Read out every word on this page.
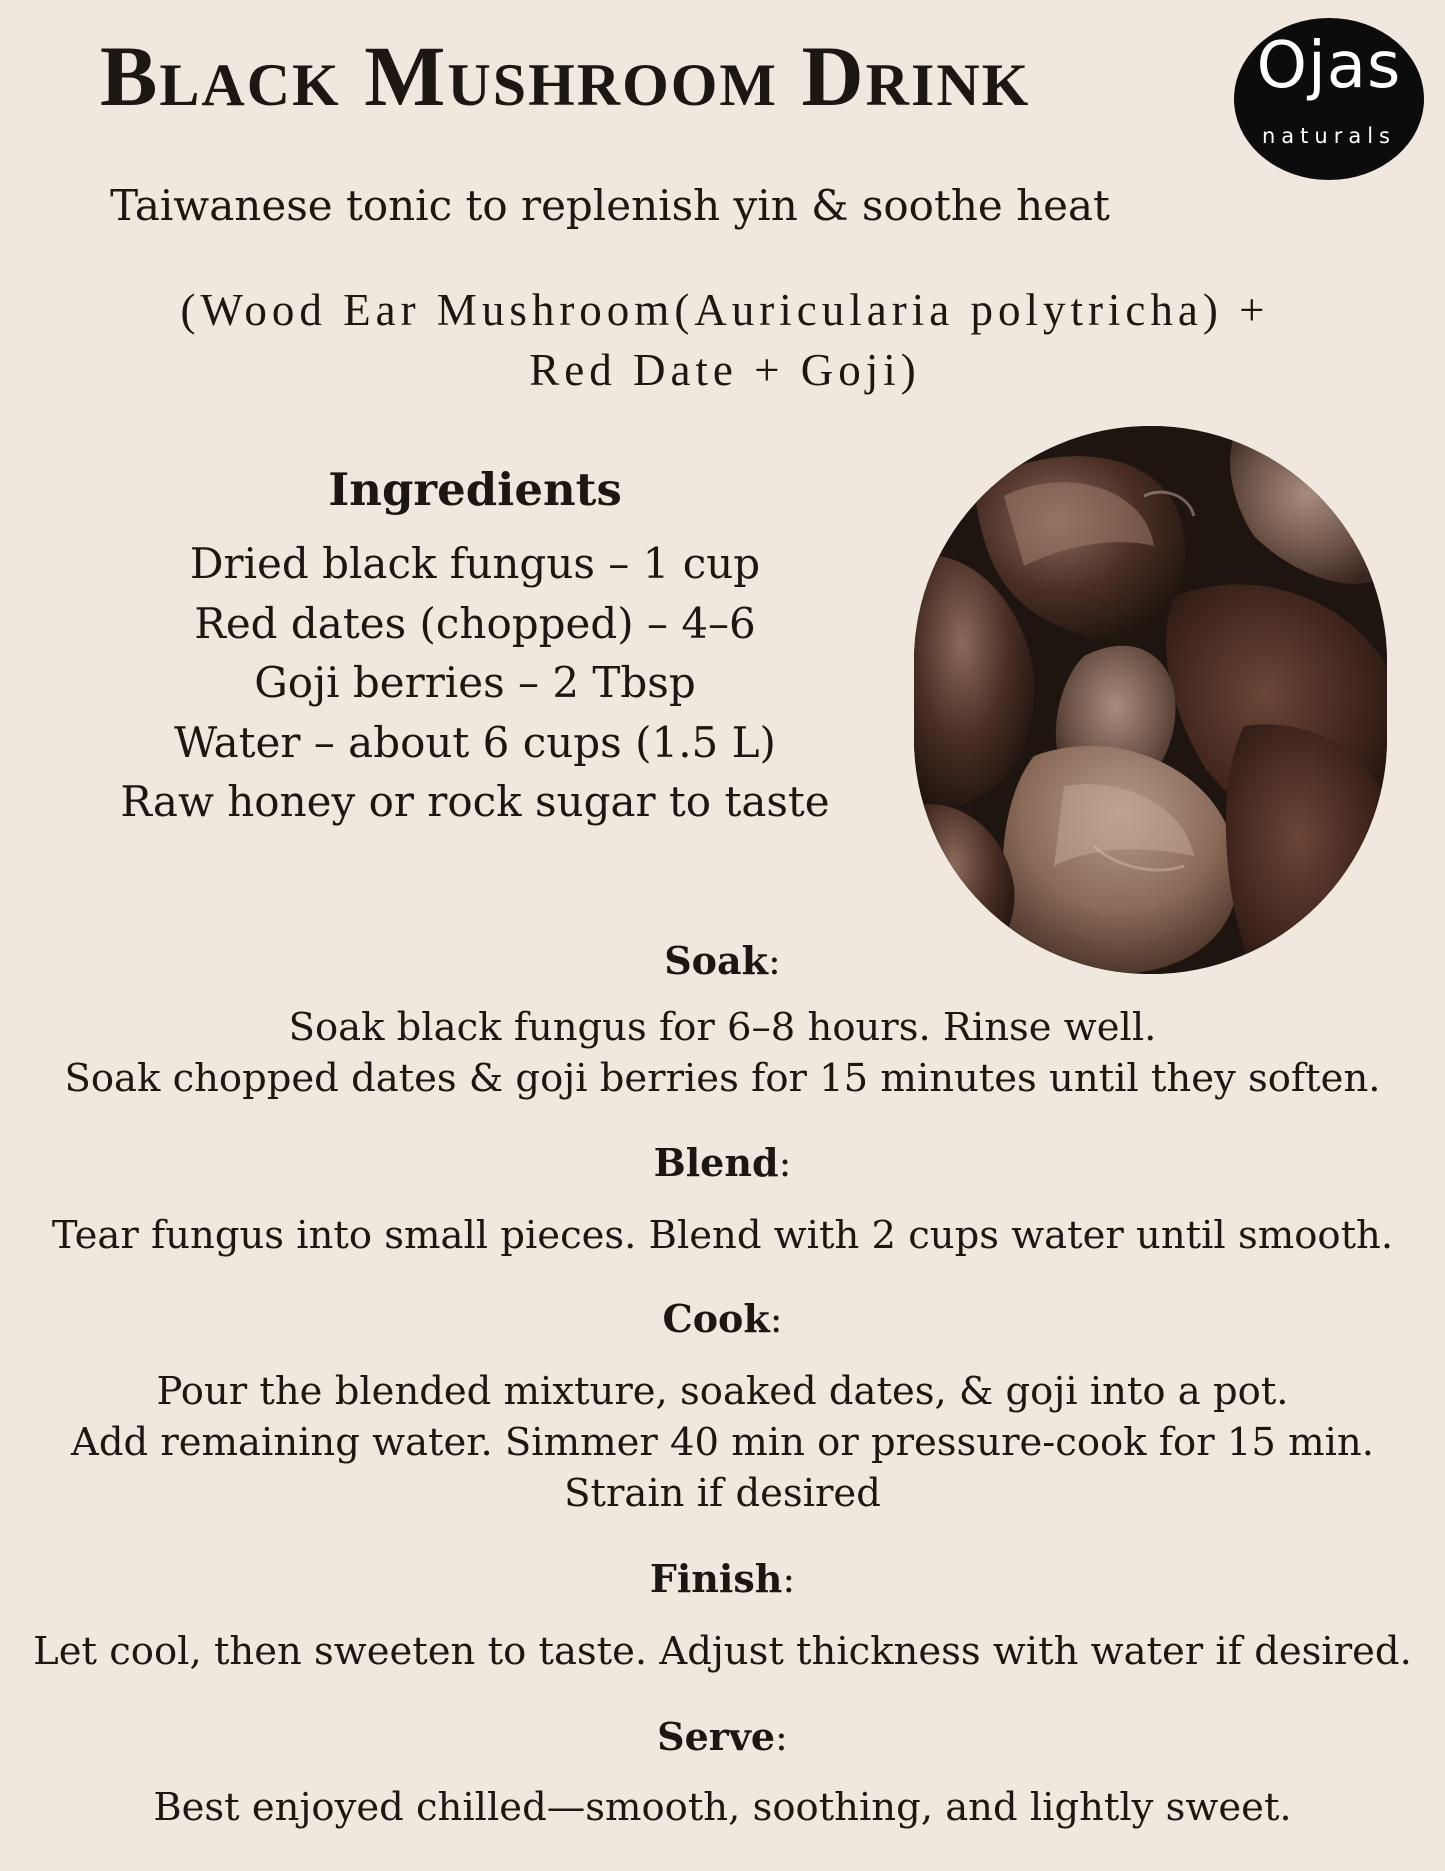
Black Mushroom Drink	Ojas
naturals
Taiwanese tonic to replenish yin & soothe heat
(Wood Ear Mushroom(Auricularia polytricha) +
Red Date + Goji)
Ingredients
Dried black fungus – 1 cup
Red dates (chopped) – 4–6
Goji berries – 2 Tbsp
Water – about 6 cups (1.5 L)
Raw honey or rock sugar to taste
Soak:
Soak black fungus for 6–8 hours. Rinse well.
Soak chopped dates & goji berries for 15 minutes until they soften.
Blend:
Tear fungus into small pieces. Blend with 2 cups water until smooth.
Cook:
Pour the blended mixture, soaked dates, & goji into a pot.
Add remaining water. Simmer 40 min or pressure-cook for 15 min.
Strain if desired
Finish:
Let cool, then sweeten to taste. Adjust thickness with water if desired.
Serve:
Best enjoyed chilled—smooth, soothing, and lightly sweet.
